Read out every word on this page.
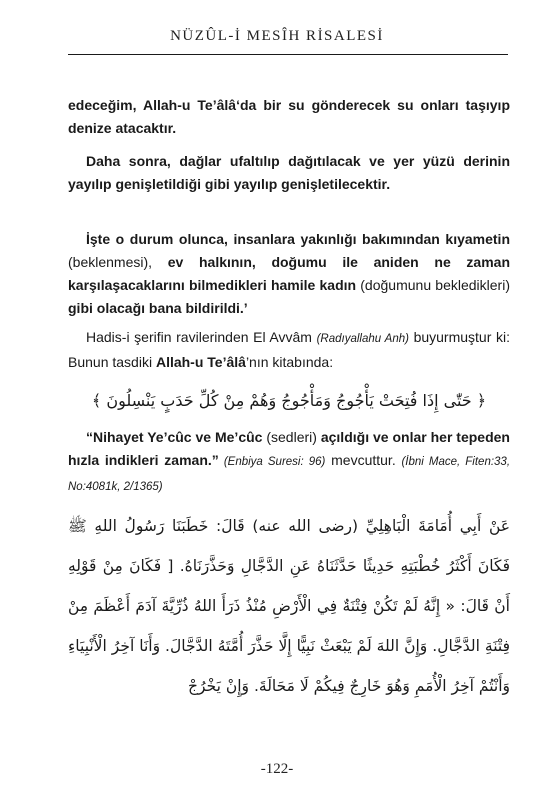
NÜZÛL-İ MESÎH RİSALESİ

edeceğim, Allah-u Te’âlâ‘da bir su gönderecek su onları taşıyıp denize atacaktır.

Daha sonra, dağlar ufaltılıp dağıtılacak ve yer yüzü derinin yayılıp genişletildiği gibi yayılıp genişletilecektir.

İşte o durum olunca, insanlara yakınlığı bakımından kıyametin (beklenmesi), ev halkının, doğumu ile aniden ne zaman karşılaşacaklarını bilmedikleri hamile kadın (doğumunu bekledikleri) gibi olacağı bana bildirildi.’

Hadis-i şerifin ravilerinden El Avvâm (Radıyallahu Anh) buyurmuştur ki: Bunun tasdiki Allah-u Te’âlâ’nın kitabında:

﴿ حَتّٰى إِذَا فُتِحَتْ يَأْجُوجُ وَمَأْجُوجُ وَهُمْ مِنْ كُلِّ حَدَبٍ يَنْسِلُونَ ﴾

“Nihayet Ye’cûc ve Me’cûc (sedleri) açıldığı ve onlar her tepeden hızla indikleri zaman.” (Enbiya Suresi: 96) mevcuttur. (İbni Mace, Fiten:33, No:4081k, 2/1365)

عَنْ أَبِي أُمَامَةَ الْبَاهِلِيِّ (رضى الله عنه) قَالَ: خَطَبَنَا رَسُولُ اللهِ ﷺ فَكَانَ أَكْثَرُ خُطْبَتِهِ حَدِيثًا حَدَّثَنَاهُ عَنِ الدَّجَّالِ وَحَذَّرَنَاهُ. [ فَكَانَ مِنْ قَوْلِهِ أَنْ قَالَ: « إِنَّهُ لَمْ تَكُنْ فِتْنَةٌ فِي الْأَرْضِ مُنْذُ ذَرَأَ اللهُ ذُرِّيَّةَ آدَمَ أَعْظَمَ مِنْ فِتْنَةِ الدَّجَّالِ. وَإِنَّ اللهَ لَمْ يَبْعَثْ نَبِيًّا إِلَّا حَذَّرَ أُمَّتَهُ الدَّجَّالَ. وَأَنَا آخِرُ الْأَنْبِيَاءِ وَأَنْتُمْ آخِرُ الْأُمَمِ وَهُوَ خَارِجٌ فِيكُمْ لَا مَحَالَةَ. وَإِنْ يَخْرُجْ

-122-
